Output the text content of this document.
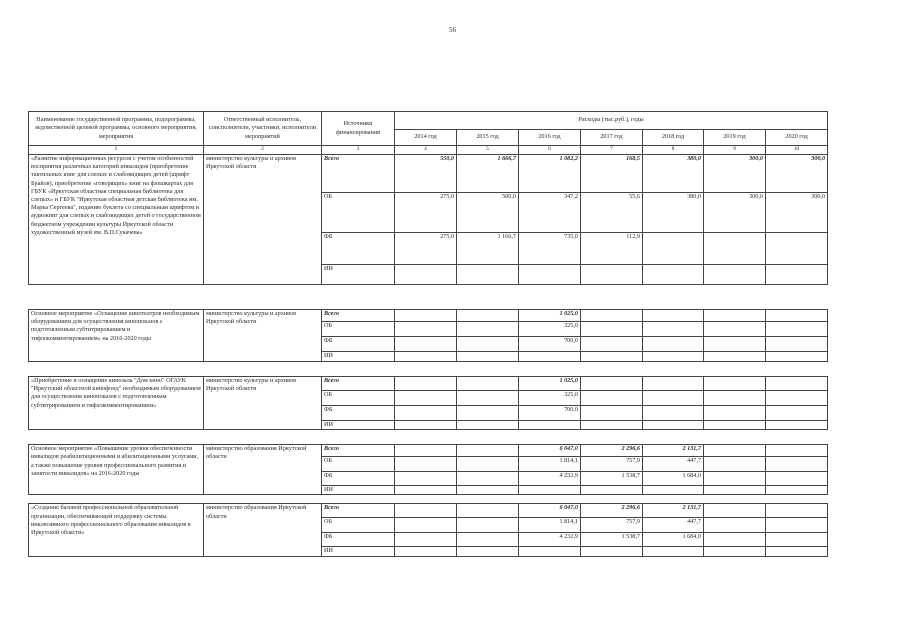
56
Наименование государственной программы, подпрограммы, ведомственной целевой программы, основного мероприятия, мероприятия	Ответственный исполнитель, соисполнители, участники, исполнители мероприятий	Источники финансирования	Расходы (тыс.руб.), годы						
			2014 год	2015 год	2016 год	2017 год	2018 год	2019 год	2020 год
1	2	3	4	5	6	7	8	9	10
«Развитие информационных ресурсов с учетом особенностей восприятия различных категорий инвалидов (приобретение тактильных книг для слепых и слабовидящих детей (шрифт Брайля), приобретение «говорящих» книг на флешкартах для ГБУК «Иркутская областная специальная библиотека для слепых» и ГБУК "Иркутская областная детская библиотека им. Марка Сергеева", изданию буклета со специальным шрифтом и аудиокниг для слепых и слабовидящих детей о государственном бюджетном учреждении культуры Иркутской области художественный музей им. В.П.Сукачева»	министерство культуры и архивов Иркутской области	Всего	550,0	1 666,7	1 082,2	168,5	380,0	300,0	300,0
		ОБ	275,0	500,0	347,2	55,6	380,0	300,0	300,0
		ФБ	275,0	1 166,7	735,0	112,9			
		ИИ							

Основное мероприятие «Оснащение кинотеатров необходимым оборудованием для осуществления кинопоказов с подготовленным субтитрированием и тифлокомментированием» на 2016-2020 годы	министерство культуры и архивов Иркутской области	Всего			1 025,0				
		ОБ			325,0				
		ФБ			700,0				
		ИИ							

«Приобретение и оснащение кинозала "Дом кино" ОГАУК "Иркутский областной кинофонд" необходимым оборудованием для осуществления кинопоказов с подготовленным субтитрированием и тифлокомментированием»	министерство культуры и архивов Иркутской области	Всего			1 025,0				
		ОБ			325,0				
		ФБ			700,0				
		ИИ							

Основное мероприятие «Повышение уровня обеспеченности инвалидов реабилитационными и абилитационными услугами, а также повышение уровня профессионального развития и занятости инвалидов» на 2016-2020 годы	министерство образования Иркутской области	Всего			6 047,0	2 296,6	2 131,7		
		ОБ			1 814,1	757,9	447,7		
		ФБ			4 232,9	1 538,7	1 684,0		
		ИИ							

«Создание базовой профессиональной образовательной организации, обеспечивающей поддержку системы инклюзивного профессионального образования инвалидов в Иркутской области»	министерство образования Иркутской области	Всего			6 047,0	2 296,6	2 131,7		
		ОБ			1 814,1	757,9	447,7		
		ФБ			4 232,9	1 538,7	1 684,0		
		ИИ							
